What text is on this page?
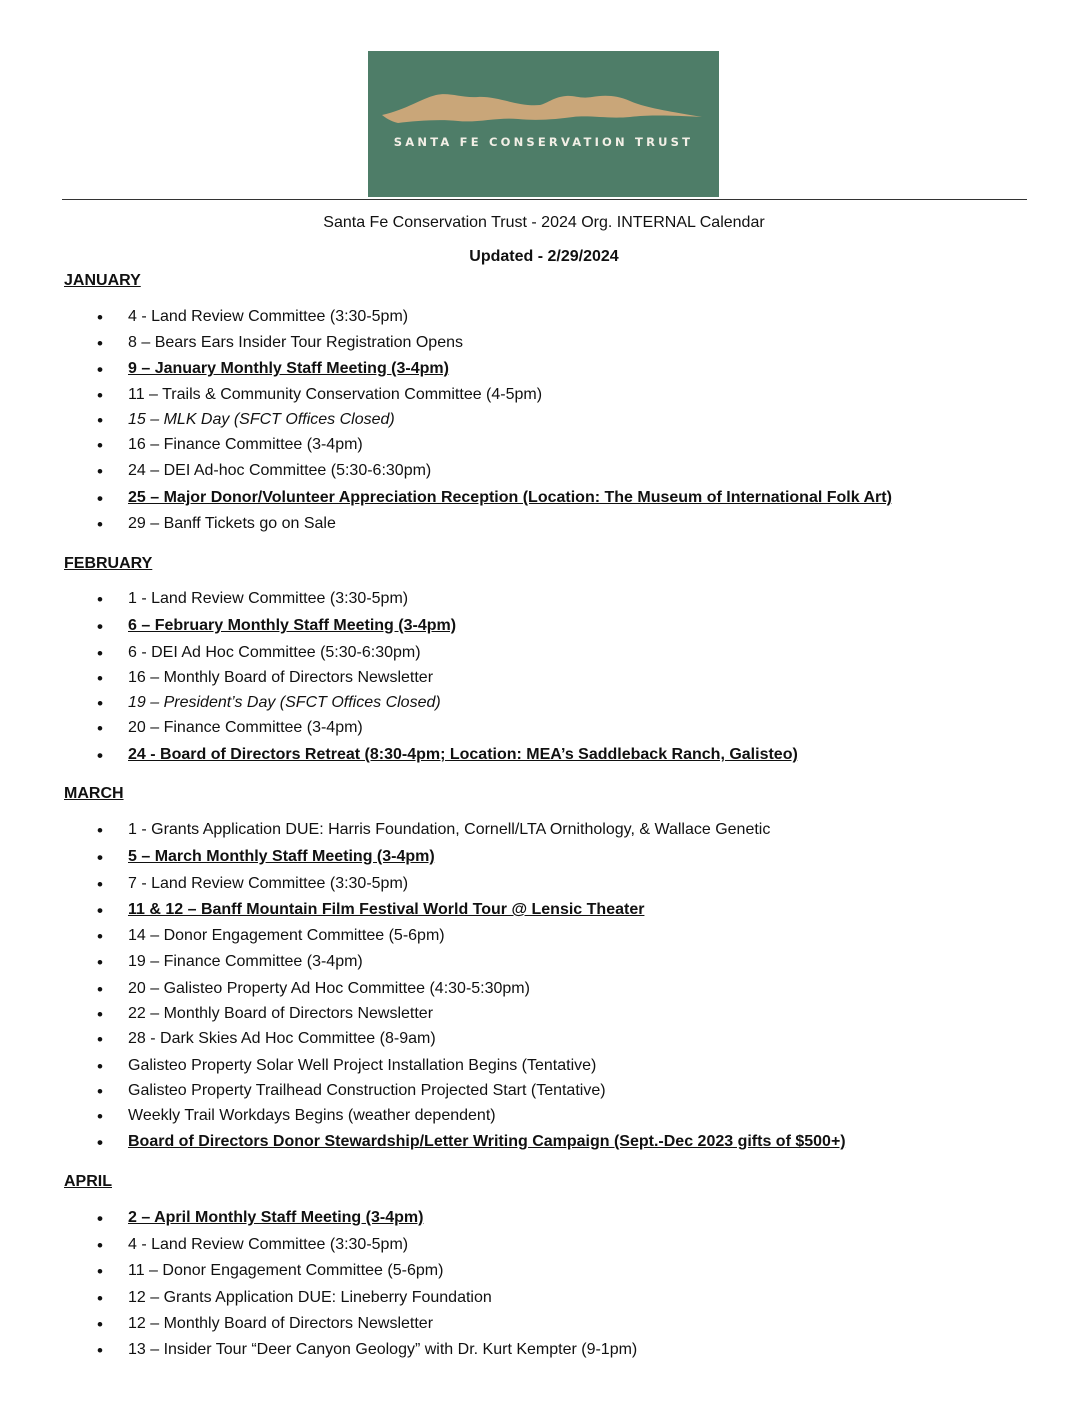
SANTA FE CONSERVATION TRUST
Santa Fe Conservation Trust - 2024 Org. INTERNAL Calendar
Updated - 2/29/2024
JANUARY
• 4 - Land Review Committee (3:30-5pm)
• 8 – Bears Ears Insider Tour Registration Opens
• 9 – January Monthly Staff Meeting (3-4pm)
• 11 – Trails & Community Conservation Committee (4-5pm)
• 15 – MLK Day (SFCT Offices Closed)
• 16 – Finance Committee (3-4pm)
• 24 – DEI Ad-hoc Committee (5:30-6:30pm)
• 25 – Major Donor/Volunteer Appreciation Reception (Location: The Museum of International Folk Art)
• 29 – Banff Tickets go on Sale
FEBRUARY
• 1 - Land Review Committee (3:30-5pm)
• 6 – February Monthly Staff Meeting (3-4pm)
• 6 - DEI Ad Hoc Committee (5:30-6:30pm)
• 16 – Monthly Board of Directors Newsletter
• 19 – President’s Day (SFCT Offices Closed)
• 20 – Finance Committee (3-4pm)
• 24 - Board of Directors Retreat (8:30-4pm; Location: MEA’s Saddleback Ranch, Galisteo)
MARCH
• 1 - Grants Application DUE: Harris Foundation, Cornell/LTA Ornithology, & Wallace Genetic
• 5 – March Monthly Staff Meeting (3-4pm)
• 7 - Land Review Committee (3:30-5pm)
• 11 & 12 – Banff Mountain Film Festival World Tour @ Lensic Theater
• 14 – Donor Engagement Committee (5-6pm)
• 19 – Finance Committee (3-4pm)
• 20 – Galisteo Property Ad Hoc Committee (4:30-5:30pm)
• 22 – Monthly Board of Directors Newsletter
• 28 - Dark Skies Ad Hoc Committee (8-9am)
• Galisteo Property Solar Well Project Installation Begins (Tentative)
• Galisteo Property Trailhead Construction Projected Start (Tentative)
• Weekly Trail Workdays Begins (weather dependent)
• Board of Directors Donor Stewardship/Letter Writing Campaign (Sept.-Dec 2023 gifts of $500+)
APRIL
• 2 – April Monthly Staff Meeting (3-4pm)
• 4 - Land Review Committee (3:30-5pm)
• 11 – Donor Engagement Committee (5-6pm)
• 12 – Grants Application DUE: Lineberry Foundation
• 12 – Monthly Board of Directors Newsletter
• 13 – Insider Tour “Deer Canyon Geology” with Dr. Kurt Kempter (9-1pm)
